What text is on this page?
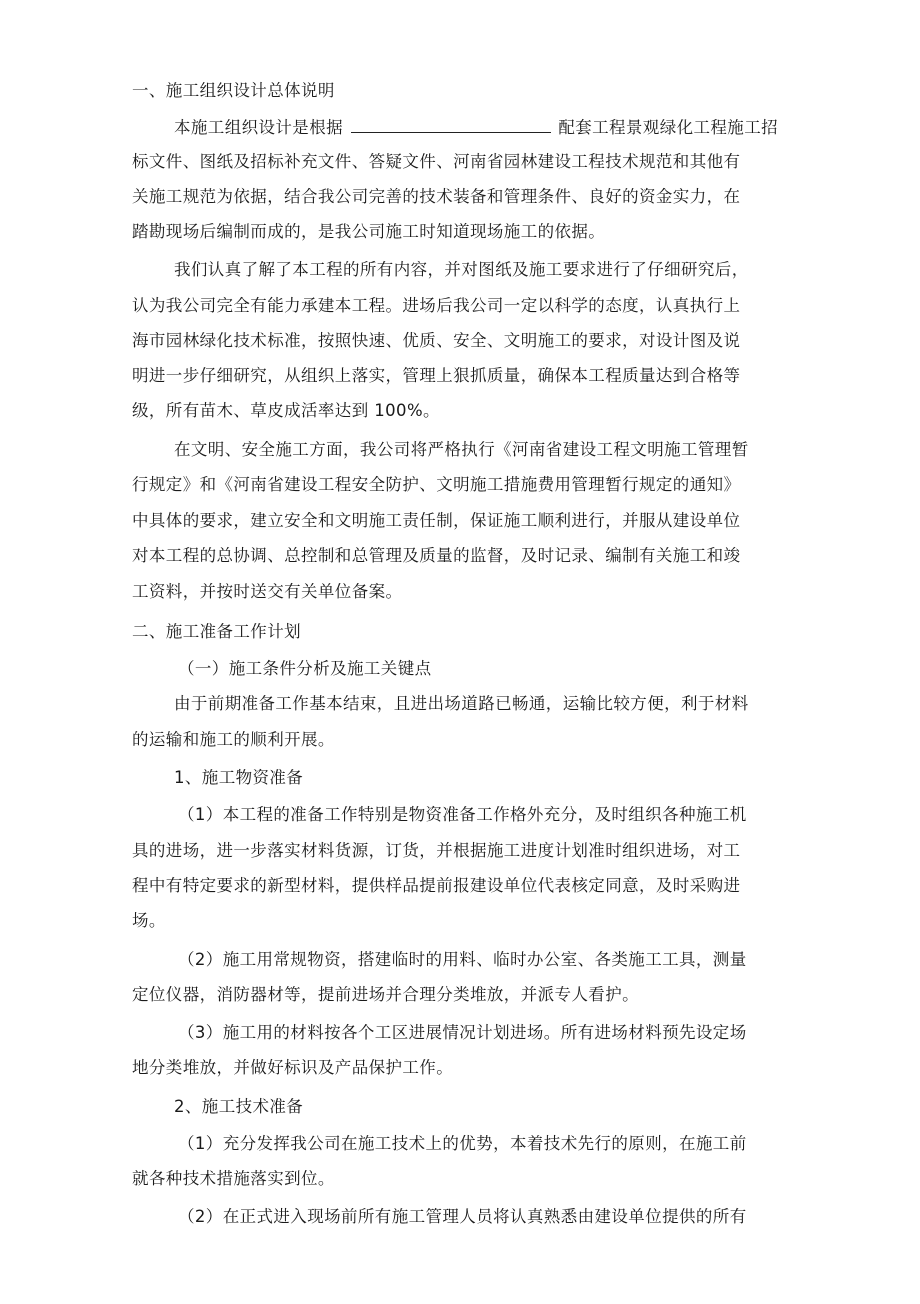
一、施工组织设计总体说明
本施工组织设计是根据	配套工程景观绿化工程施工招
标文件、图纸及招标补充文件、答疑文件、河南省园林建设工程技术规范和其他有
关施工规范为依据，结合我公司完善的技术装备和管理条件、良好的资金实力，在
踏勘现场后编制而成的，是我公司施工时知道现场施工的依据。
我们认真了解了本工程的所有内容，并对图纸及施工要求进行了仔细研究后，
认为我公司完全有能力承建本工程。进场后我公司一定以科学的态度，认真执行上
海市园林绿化技术标准，按照快速、优质、安全、文明施工的要求，对设计图及说
明进一步仔细研究，从组织上落实，管理上狠抓质量，确保本工程质量达到合格等
级，所有苗木、草皮成活率达到 100%。
在文明、安全施工方面，我公司将严格执行《河南省建设工程文明施工管理暂
行规定》和《河南省建设工程安全防护、文明施工措施费用管理暂行规定的通知》
中具体的要求，建立安全和文明施工责任制，保证施工顺利进行，并服从建设单位
对本工程的总协调、总控制和总管理及质量的监督，及时记录、编制有关施工和竣
工资料，并按时送交有关单位备案。
二、施工准备工作计划
（一）施工条件分析及施工关键点
由于前期准备工作基本结束，且进出场道路已畅通，运输比较方便，利于材料
的运输和施工的顺利开展。
1、施工物资准备
（1）本工程的准备工作特别是物资准备工作格外充分，及时组织各种施工机
具的进场，进一步落实材料货源，订货，并根据施工进度计划准时组织进场，对工
程中有特定要求的新型材料，提供样品提前报建设单位代表核定同意，及时采购进
场。
（2）施工用常规物资，搭建临时的用料、临时办公室、各类施工工具，测量
定位仪器，消防器材等，提前进场并合理分类堆放，并派专人看护。
（3）施工用的材料按各个工区进展情况计划进场。所有进场材料预先设定场
地分类堆放，并做好标识及产品保护工作。
2、施工技术准备
（1）充分发挥我公司在施工技术上的优势，本着技术先行的原则，在施工前
就各种技术措施落实到位。
（2）在正式进入现场前所有施工管理人员将认真熟悉由建设单位提供的所有
